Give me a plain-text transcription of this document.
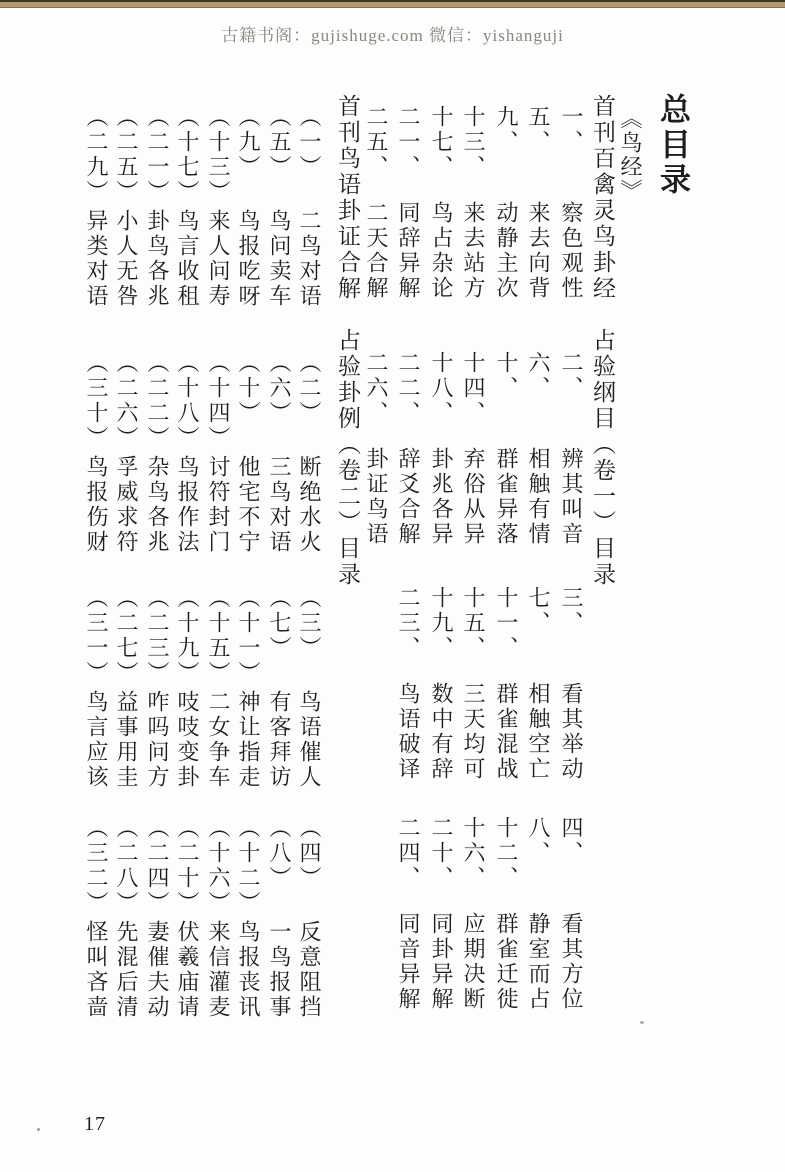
古籍书阁：gujishuge.com 微信：yishanguji
总目录
《鸟经》
首刊百禽灵鸟卦经　占验纲目（卷一）目录
首刊鸟语卦证合解　占验卦例（卷二）目录	一、察色观性
二、辨其叫音
三、看其举动
四、看其方位
五、来去向背
六、相触有情
七、相触空亡
八、静室而占
九、动静主次
十、群雀异落
十一、群雀混战
十二、群雀迁徙
十三、来去站方
十四、弃俗从异
十五、三天均可
十六、应期决断
十七、鸟占杂论
十八、卦兆各异
十九、数中有辞
二十、同卦异解
二一、同辞异解
二二、辞爻合解
二三、鸟语破译
二四、同音异解
二五、二天合解
二六、卦证鸟语
（一）二鸟对语
（二）断绝水火
（三）鸟语催人
（四）反意阻挡
（五）鸟问卖车
（六）三鸟对语
（七）有客拜访
（八）一鸟报事
（九）鸟报吃呀
（十）他宅不宁
（十一）神让指走
（十二）鸟报丧讯
（十三）来人问寿
（十四）讨符封门
（十五）二女争车
（十六）来信灌麦
（十七）鸟言收租
（十八）鸟报作法
（十九）吱吱变卦
（二十）伏羲庙请
（二一）卦鸟各兆
（二二）杂鸟各兆
（二三）咋吗问方
（二四）妻催夫动
（二五）小人无咎
（二六）孚威求符
（二七）益事用圭
（二八）先混后清
（二九）异类对语
（三十）鸟报伤财
（三一）鸟言应该
（三二）怪叫吝啬
17
